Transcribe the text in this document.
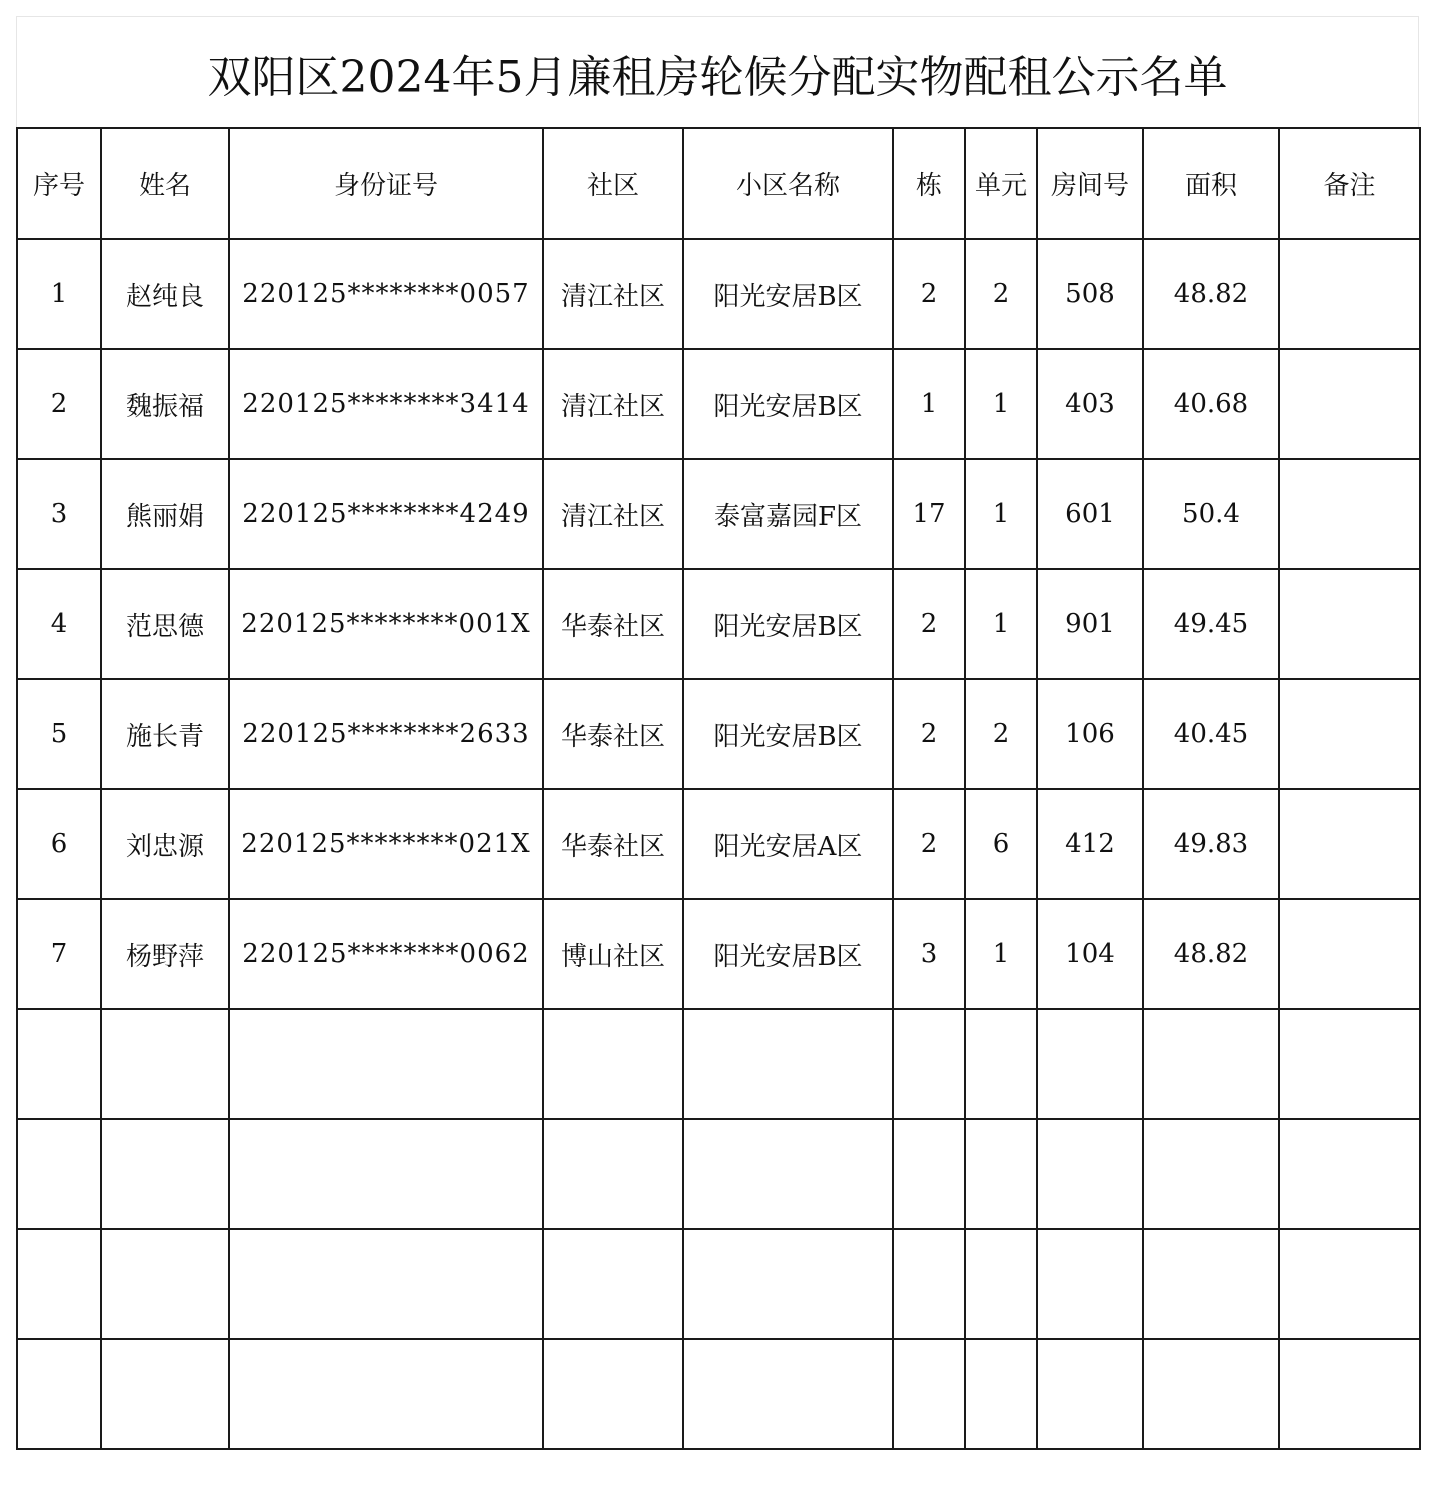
双阳区2024年5月廉租房轮候分配实物配租公示名单
序号	姓名	身份证号	社区	小区名称	栋	单元	房间号	面积	备注
1	赵纯良	220125********0057	清江社区	阳光安居B区	2	2	508	48.82	
2	魏振福	220125********3414	清江社区	阳光安居B区	1	1	403	40.68	
3	熊丽娟	220125********4249	清江社区	泰富嘉园F区	17	1	601	50.4	
4	范思德	220125********001X	华泰社区	阳光安居B区	2	1	901	49.45	
5	施长青	220125********2633	华泰社区	阳光安居B区	2	2	106	40.45	
6	刘忠源	220125********021X	华泰社区	阳光安居A区	2	6	412	49.83	
7	杨野萍	220125********0062	博山社区	阳光安居B区	3	1	104	48.82	
